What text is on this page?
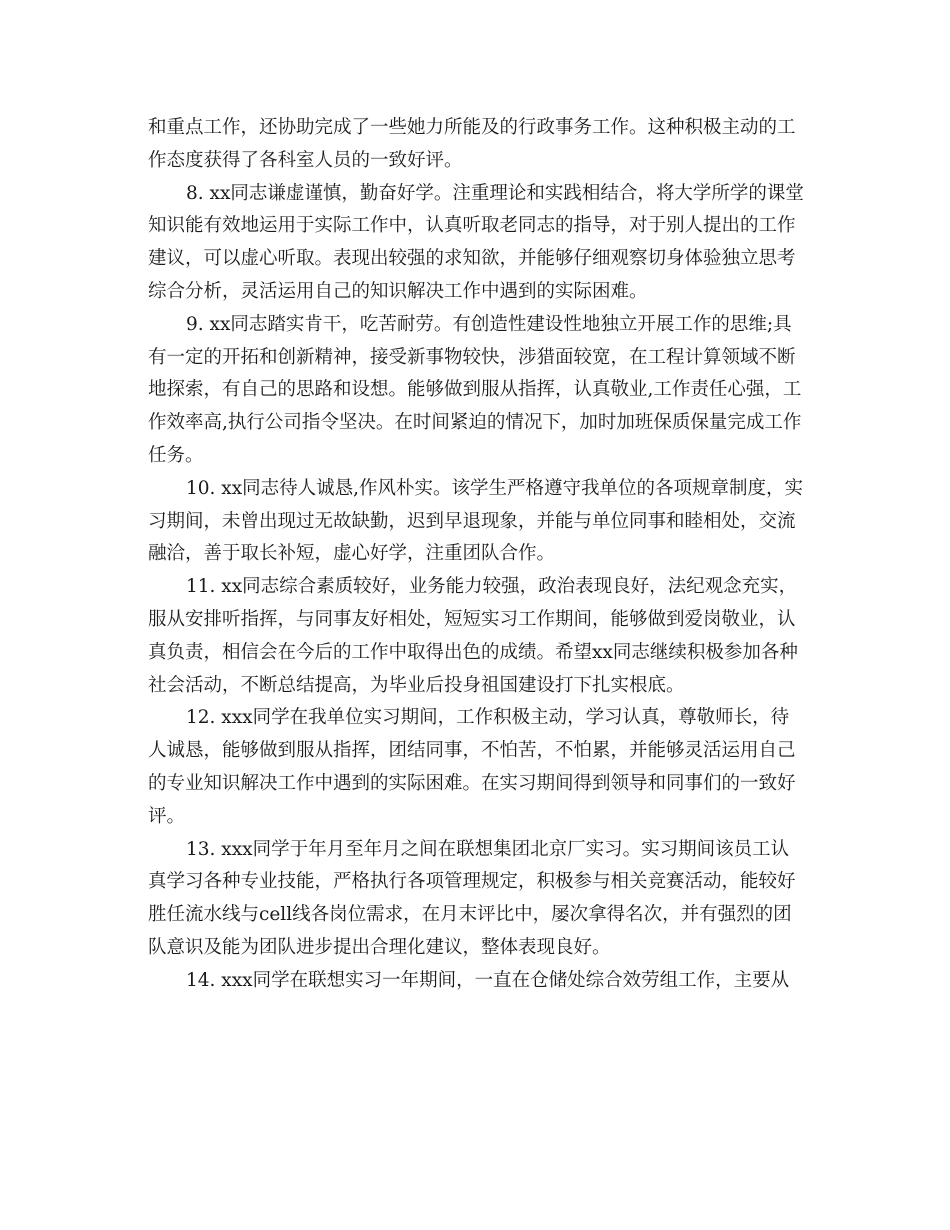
和重点工作，还协助完成了一些她力所能及的行政事务工作。这种积极主动的工作态度获得了各科室人员的一致好评。

8. xx同志谦虚谨慎，勤奋好学。注重理论和实践相结合，将大学所学的课堂知识能有效地运用于实际工作中，认真听取老同志的指导，对于别人提出的工作建议，可以虚心听取。表现出较强的求知欲，并能够仔细观察切身体验独立思考综合分析，灵活运用自己的知识解决工作中遇到的实际困难。

9. xx同志踏实肯干，吃苦耐劳。有创造性建设性地独立开展工作的思维;具有一定的开拓和创新精神，接受新事物较快，涉猎面较宽，在工程计算领域不断地探索，有自己的思路和设想。能够做到服从指挥，认真敬业,工作责任心强，工作效率高,执行公司指令坚决。在时间紧迫的情况下，加时加班保质保量完成工作任务。

10. xx同志待人诚恳,作风朴实。该学生严格遵守我单位的各项规章制度，实习期间，未曾出现过无故缺勤，迟到早退现象，并能与单位同事和睦相处，交流融洽，善于取长补短，虚心好学，注重团队合作。

11. xx同志综合素质较好，业务能力较强，政治表现良好，法纪观念充实，服从安排听指挥，与同事友好相处，短短实习工作期间，能够做到爱岗敬业，认真负责，相信会在今后的工作中取得出色的成绩。希望xx同志继续积极参加各种社会活动，不断总结提高，为毕业后投身祖国建设打下扎实根底。

12. xxx同学在我单位实习期间，工作积极主动，学习认真，尊敬师长，待人诚恳，能够做到服从指挥，团结同事，不怕苦，不怕累，并能够灵活运用自己的专业知识解决工作中遇到的实际困难。在实习期间得到领导和同事们的一致好评。

13. xxx同学于年月至年月之间在联想集团北京厂实习。实习期间该员工认真学习各种专业技能，严格执行各项管理规定，积极参与相关竞赛活动，能较好胜任流水线与cell线各岗位需求，在月末评比中，屡次拿得名次，并有强烈的团队意识及能为团队进步提出合理化建议，整体表现良好。

14. xxx同学在联想实习一年期间，一直在仓储处综合效劳组工作，主要从
